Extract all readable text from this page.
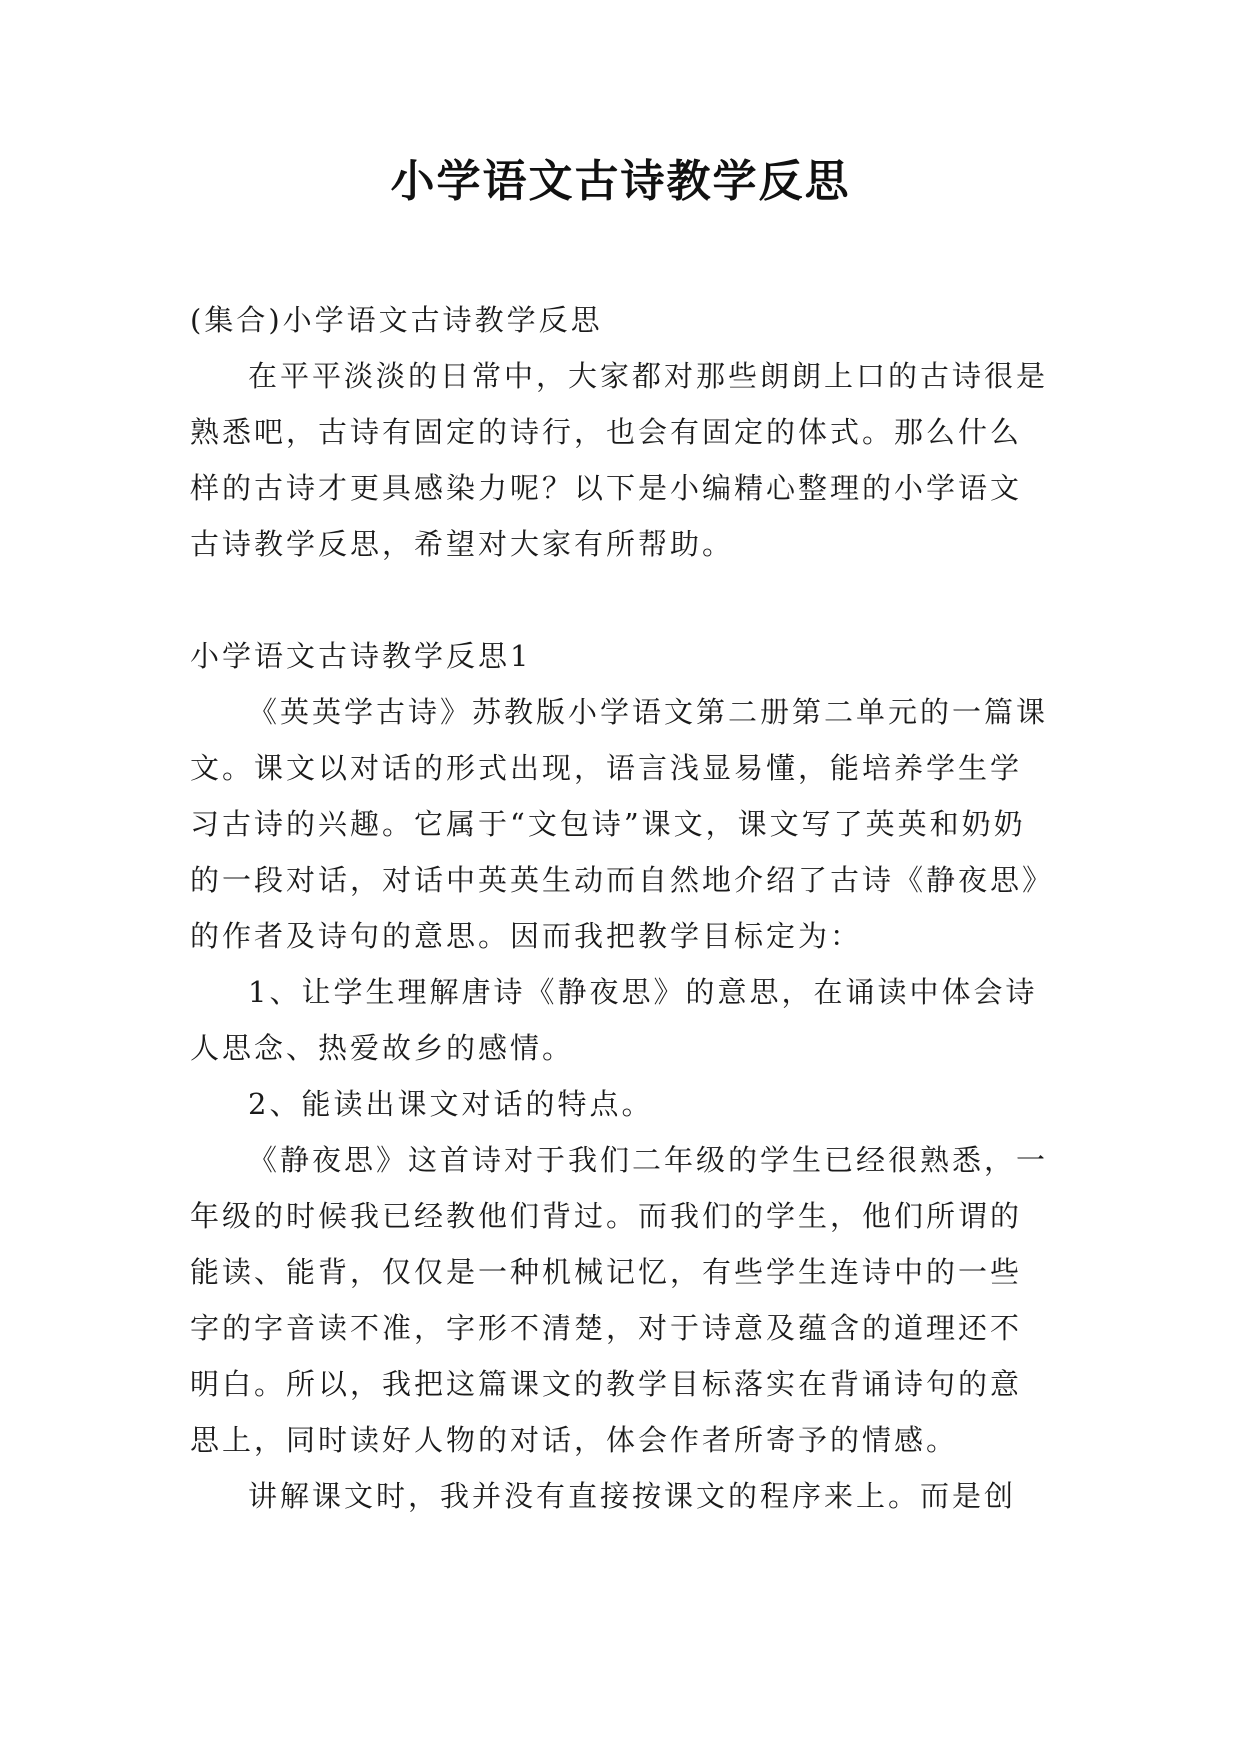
小学语文古诗教学反思

(集合)小学语文古诗教学反思

在平平淡淡的日常中，大家都对那些朗朗上口的古诗很是熟悉吧，古诗有固定的诗行，也会有固定的体式。那么什么样的古诗才更具感染力呢？以下是小编精心整理的小学语文古诗教学反思，希望对大家有所帮助。

小学语文古诗教学反思1

《英英学古诗》苏教版小学语文第二册第二单元的一篇课文。课文以对话的形式出现，语言浅显易懂，能培养学生学习古诗的兴趣。它属于“文包诗”课文，课文写了英英和奶奶的一段对话，对话中英英生动而自然地介绍了古诗《静夜思》的作者及诗句的意思。因而我把教学目标定为：

1、让学生理解唐诗《静夜思》的意思，在诵读中体会诗人思念、热爱故乡的感情。

2、能读出课文对话的特点。

《静夜思》这首诗对于我们二年级的学生已经很熟悉，一年级的时候我已经教他们背过。而我们的学生，他们所谓的能读、能背，仅仅是一种机械记忆，有些学生连诗中的一些字的字音读不准，字形不清楚，对于诗意及蕴含的道理还不明白。所以，我把这篇课文的教学目标落实在背诵诗句的意思上，同时读好人物的对话，体会作者所寄予的情感。

讲解课文时，我并没有直接按课文的程序来上。而是创
